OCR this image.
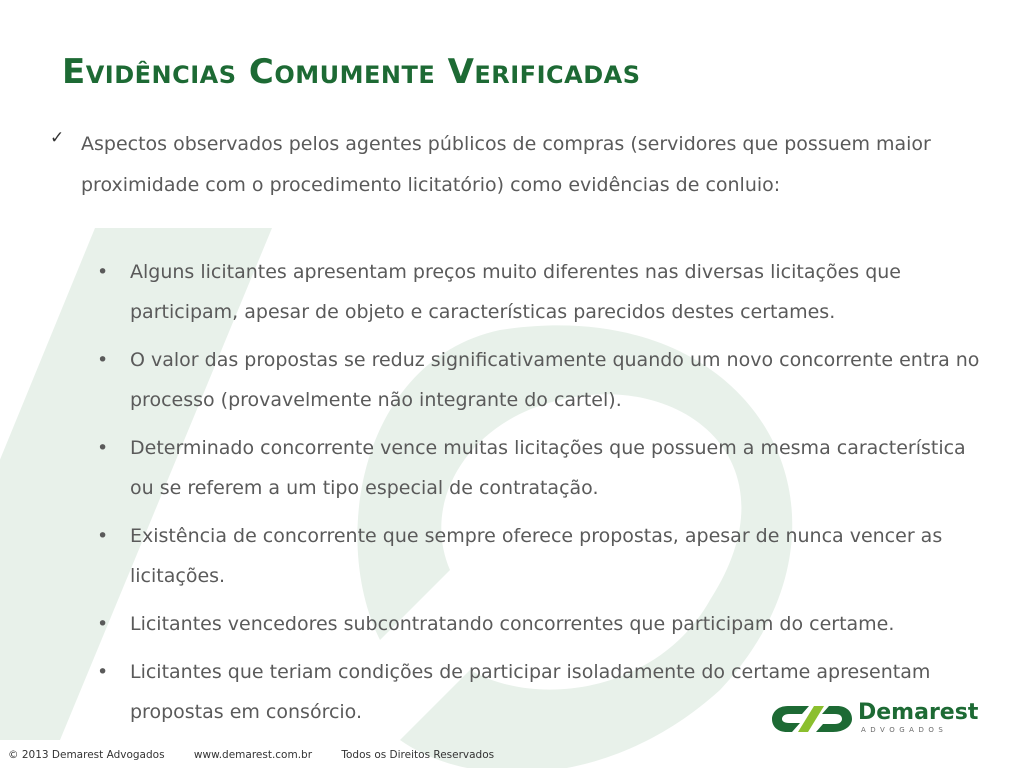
Evidências Comumente Verificadas
✓ Aspectos observados pelos agentes públicos de compras (servidores que possuem maior proximidade com o procedimento licitatório) como evidências de conluio:

• Alguns licitantes apresentam preços muito diferentes nas diversas licitações que participam, apesar de objeto e características parecidos destes certames.
• O valor das propostas se reduz significativamente quando um novo concorrente entra no processo (provavelmente não integrante do cartel).
• Determinado concorrente vence muitas licitações que possuem a mesma característica ou se referem a um tipo especial de contratação.
• Existência de concorrente que sempre oferece propostas, apesar de nunca vencer as licitações.
• Licitantes vencedores subcontratando concorrentes que participam do certame.
• Licitantes que teriam condições de participar isoladamente do certame apresentam propostas em consórcio.
© 2013 Demarest Advogados	www.demarest.com.br	Todos os Direitos Reservados
Demarest
ADVOGADOS
